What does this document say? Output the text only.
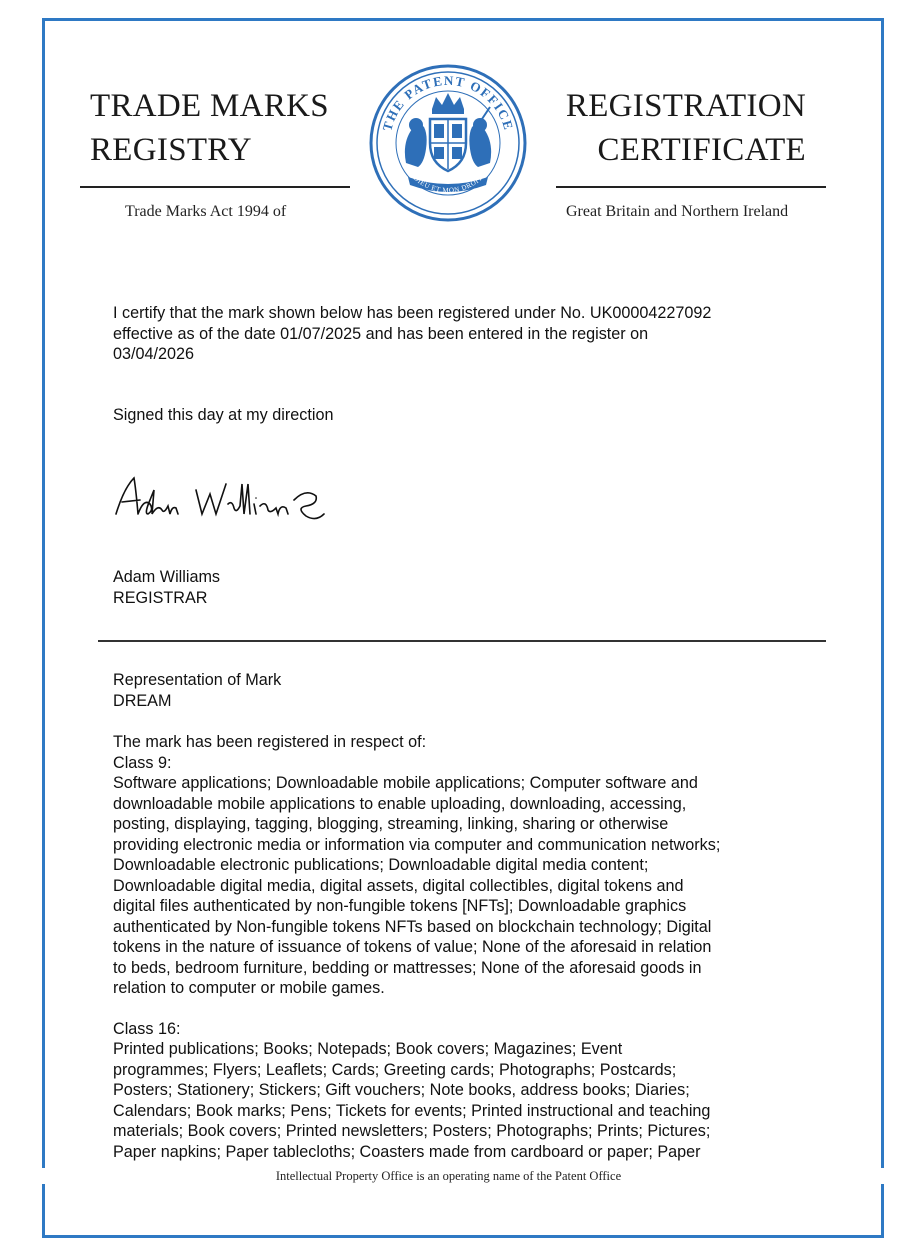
TRADE MARKS
REGISTRY
REGISTRATION
CERTIFICATE
Trade Marks Act 1994 of	Great Britain and Northern Ireland
THE PATENT OFFICE
DIEU ET MON DROIT
I certify that the mark shown below has been registered under No. UK00004227092
effective as of the date 01/07/2025 and has been entered in the register on
03/04/2026
Signed this day at my direction
Adam Williams
REGISTRAR
Representation of Mark
DREAM
The mark has been registered in respect of:
Class 9:
Software applications; Downloadable mobile applications; Computer software and
downloadable mobile applications to enable uploading, downloading, accessing,
posting, displaying, tagging, blogging, streaming, linking, sharing or otherwise
providing electronic media or information via computer and communication networks;
Downloadable electronic publications; Downloadable digital media content;
Downloadable digital media, digital assets, digital collectibles, digital tokens and
digital files authenticated by non-fungible tokens [NFTs]; Downloadable graphics
authenticated by Non-fungible tokens NFTs based on blockchain technology; Digital
tokens in the nature of issuance of tokens of value; None of the aforesaid in relation
to beds, bedroom furniture, bedding or mattresses; None of the aforesaid goods in
relation to computer or mobile games.
Class 16:
Printed publications; Books; Notepads; Book covers; Magazines; Event
programmes; Flyers; Leaflets; Cards; Greeting cards; Photographs; Postcards;
Posters; Stationery; Stickers; Gift vouchers; Note books, address books; Diaries;
Calendars; Book marks; Pens; Tickets for events; Printed instructional and teaching
materials; Book covers; Printed newsletters; Posters; Photographs; Prints; Pictures;
Paper napkins; Paper tablecloths; Coasters made from cardboard or paper; Paper
Intellectual Property Office is an operating name of the Patent Office
